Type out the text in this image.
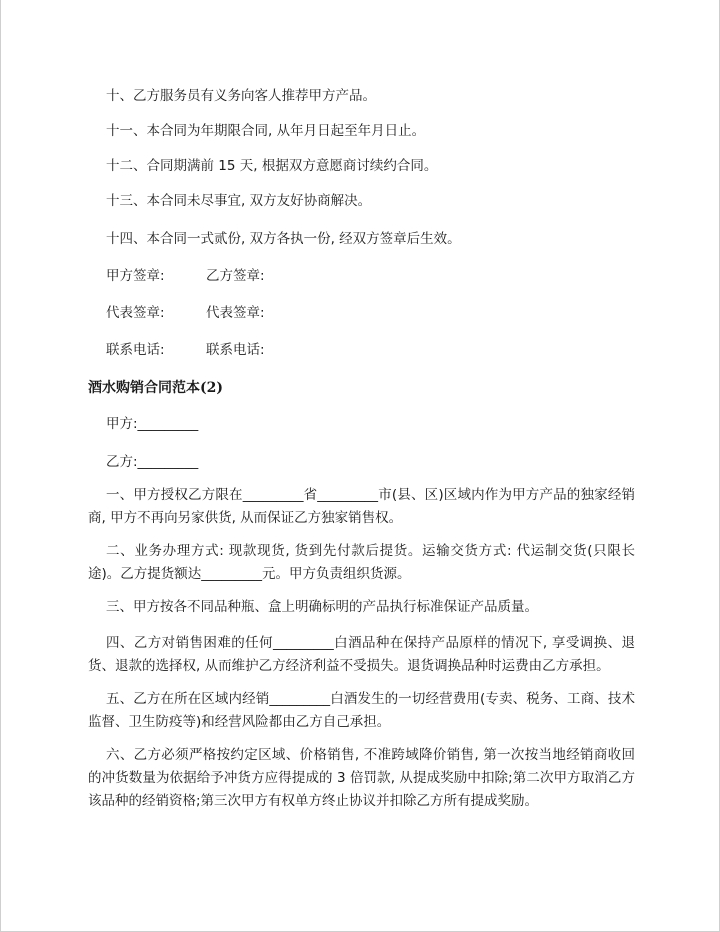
十、乙方服务员有义务向客人推荐甲方产品。
十一、本合同为年期限合同, 从年月日起至年月日止。
十二、合同期满前 15 天, 根据双方意愿商讨续约合同。
十三、本合同未尽事宜, 双方友好协商解决。
十四、本合同一式贰份, 双方各执一份, 经双方签章后生效。
甲方签章:	乙方签章:
代表签章:	代表签章:
联系电话:	联系电话:
酒水购销合同范本(2)
甲方:_________
乙方:_________
一、甲方授权乙方限在_________省_________市(县、区)区域内作为甲方产品的独家经销商, 甲方不再向另家供货, 从而保证乙方独家销售权。
二、业务办理方式: 现款现货, 货到先付款后提货。运输交货方式: 代运制交货(只限长途)。乙方提货额达_________元。甲方负责组织货源。
三、甲方按各不同品种瓶、盒上明确标明的产品执行标准保证产品质量。
四、乙方对销售困难的任何_________白酒品种在保持产品原样的情况下, 享受调换、退货、退款的选择权, 从而维护乙方经济利益不受损失。退货调换品种时运费由乙方承担。
五、乙方在所在区域内经销_________白酒发生的一切经营费用(专卖、税务、工商、技术监督、卫生防疫等)和经营风险都由乙方自己承担。
六、乙方必须严格按约定区域、价格销售, 不准跨域降价销售, 第一次按当地经销商收回的冲货数量为依据给予冲货方应得提成的 3 倍罚款, 从提成奖励中扣除;第二次甲方取消乙方该品种的经销资格;第三次甲方有权单方终止协议并扣除乙方所有提成奖励。
